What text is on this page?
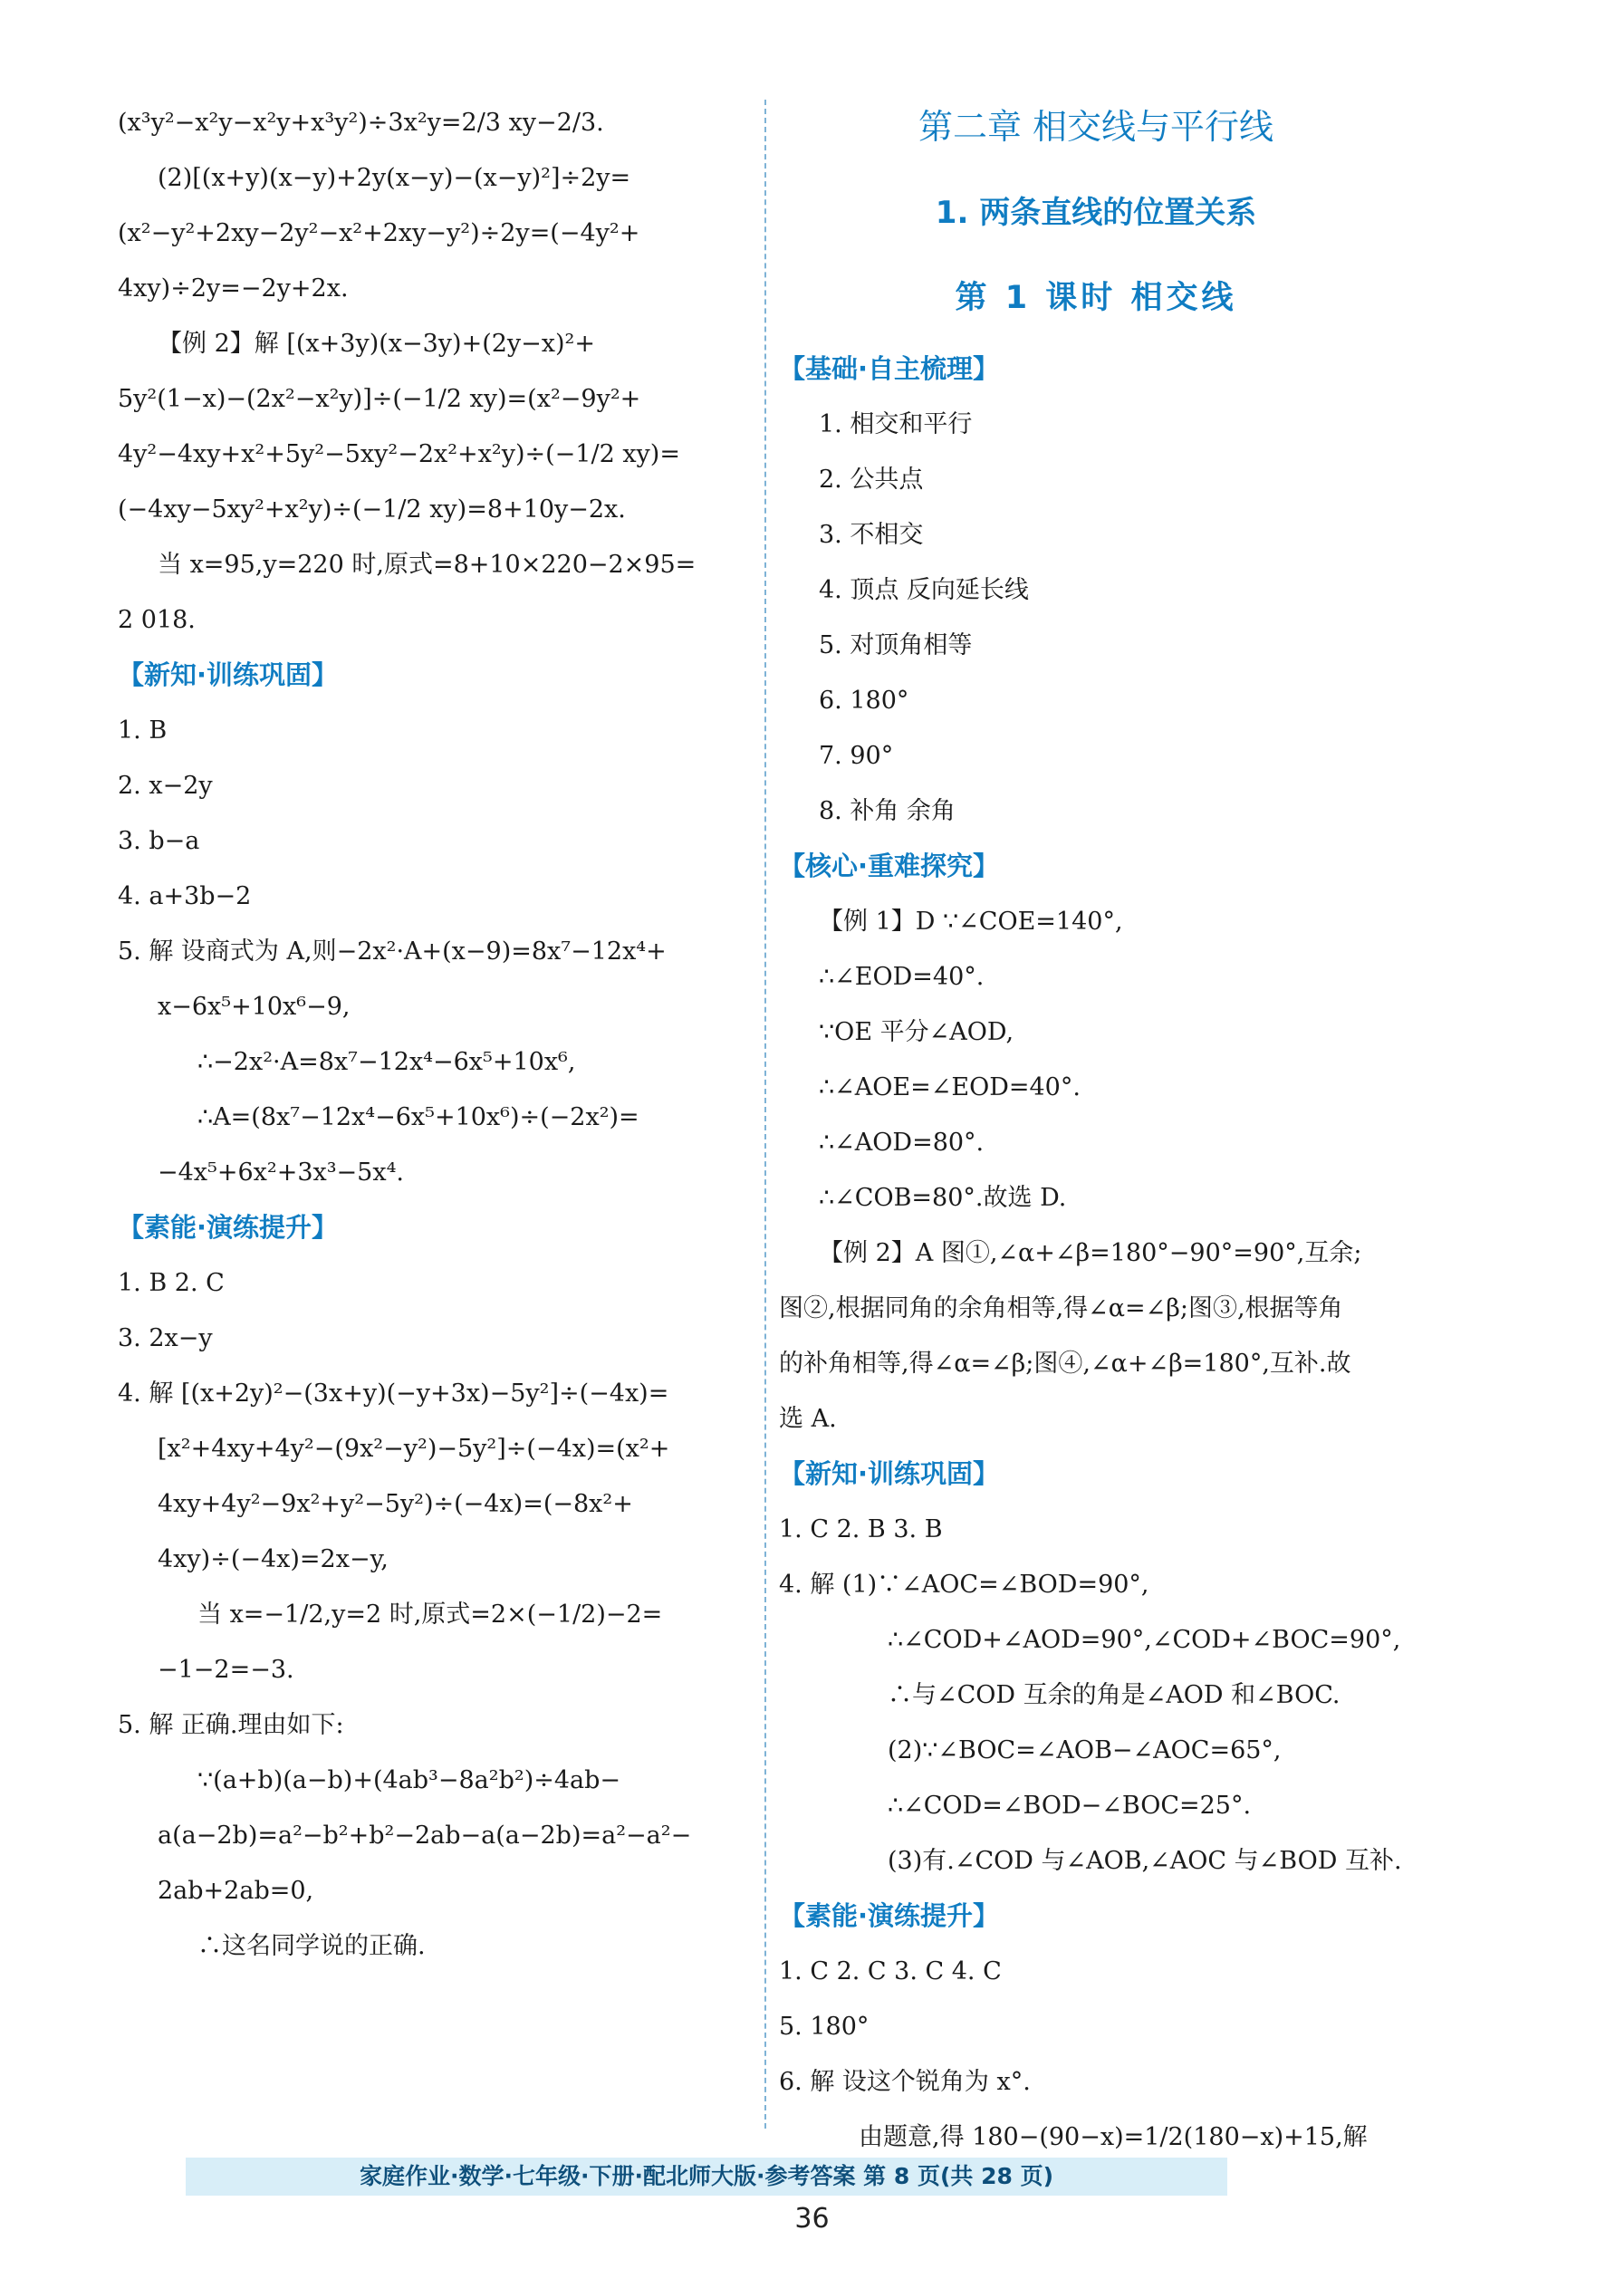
(x³y²−x²y−x²y+x³y²)÷3x²y=2/3 xy−2/3.
(2)[(x+y)(x−y)+2y(x−y)−(x−y)²]÷2y=
(x²−y²+2xy−2y²−x²+2xy−y²)÷2y=(−4y²+
4xy)÷2y=−2y+2x.
【例 2】解 [(x+3y)(x−3y)+(2y−x)²+
5y²(1−x)−(2x²−x²y)]÷(−1/2 xy)=(x²−9y²+
4y²−4xy+x²+5y²−5xy²−2x²+x²y)÷(−1/2 xy)=
(−4xy−5xy²+x²y)÷(−1/2 xy)=8+10y−2x.
当 x=95,y=220 时,原式=8+10×220−2×95=
2 018.
【新知·训练巩固】
1. B
2. x−2y
3. b−a
4. a+3b−2
5. 解 设商式为 A,则−2x²·A+(x−9)=8x⁷−12x⁴+
x−6x⁵+10x⁶−9,
∴−2x²·A=8x⁷−12x⁴−6x⁵+10x⁶,
∴A=(8x⁷−12x⁴−6x⁵+10x⁶)÷(−2x²)=
−4x⁵+6x²+3x³−5x⁴.
【素能·演练提升】
1. B 2. C
3. 2x−y
4. 解 [(x+2y)²−(3x+y)(−y+3x)−5y²]÷(−4x)=
[x²+4xy+4y²−(9x²−y²)−5y²]÷(−4x)=(x²+
4xy+4y²−9x²+y²−5y²)÷(−4x)=(−8x²+
4xy)÷(−4x)=2x−y,
当 x=−1/2,y=2 时,原式=2×(−1/2)−2=
−1−2=−3.
5. 解 正确.理由如下:
∵(a+b)(a−b)+(4ab³−8a²b²)÷4ab−
a(a−2b)=a²−b²+b²−2ab−a(a−2b)=a²−a²−
2ab+2ab=0,
∴这名同学说的正确.
第二章 相交线与平行线
1. 两条直线的位置关系
第 1 课时 相交线
【基础·自主梳理】
1. 相交和平行
2. 公共点
3. 不相交
4. 顶点 反向延长线
5. 对顶角相等
6. 180°
7. 90°
8. 补角 余角
【核心·重难探究】
【例 1】D ∵∠COE=140°,
∴∠EOD=40°.
∵OE 平分∠AOD,
∴∠AOE=∠EOD=40°.
∴∠AOD=80°.
∴∠COB=80°.故选 D.
【例 2】A 图①,∠α+∠β=180°−90°=90°,互余;
图②,根据同角的余角相等,得∠α=∠β;图③,根据等角
的补角相等,得∠α=∠β;图④,∠α+∠β=180°,互补.故
选 A.
【新知·训练巩固】
1. C 2. B 3. B
4. 解 (1)∵∠AOC=∠BOD=90°,
∴∠COD+∠AOD=90°,∠COD+∠BOC=90°,
∴与∠COD 互余的角是∠AOD 和∠BOC.
(2)∵∠BOC=∠AOB−∠AOC=65°,
∴∠COD=∠BOD−∠BOC=25°.
(3)有.∠COD 与∠AOB,∠AOC 与∠BOD 互补.
【素能·演练提升】
1. C 2. C 3. C 4. C
5. 180°
6. 解 设这个锐角为 x°.
由题意,得 180−(90−x)=1/2(180−x)+15,解
家庭作业·数学·七年级·下册·配北师大版·参考答案 第 8 页(共 28 页)
36
